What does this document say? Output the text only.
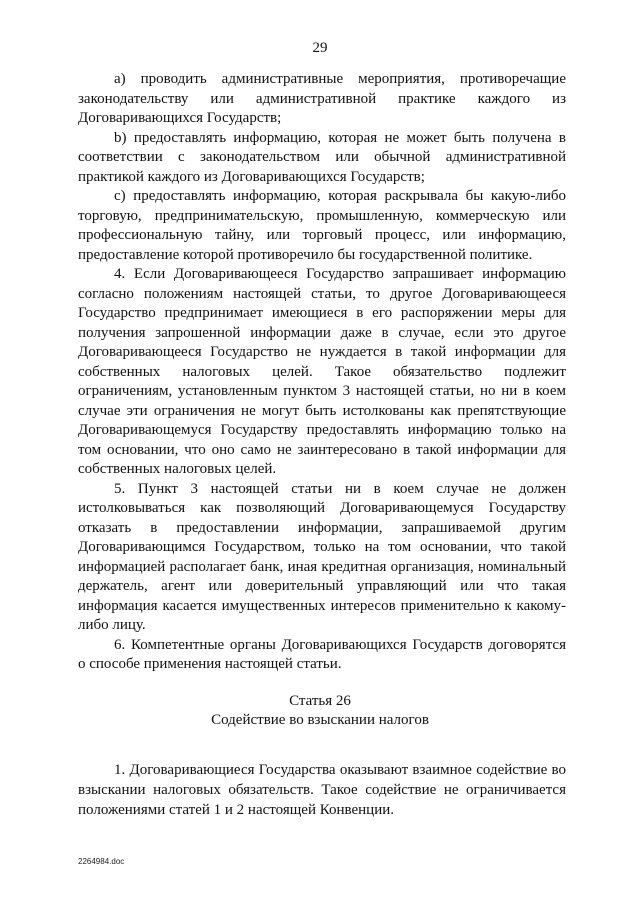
29

a) проводить административные мероприятия, противоречащие законодательству или административной практике каждого из Договаривающихся Государств;

b) предоставлять информацию, которая не может быть получена в соответствии с законодательством или обычной административной практикой каждого из Договаривающихся Государств;

c) предоставлять информацию, которая раскрывала бы какую-либо торговую, предпринимательскую, промышленную, коммерческую или профессиональную тайну, или торговый процесс, или информацию, предоставление которой противоречило бы государственной политике.

4. Если Договаривающееся Государство запрашивает информацию согласно положениям настоящей статьи, то другое Договаривающееся Государство предпринимает имеющиеся в его распоряжении меры для получения запрошенной информации даже в случае, если это другое Договаривающееся Государство не нуждается в такой информации для собственных налоговых целей. Такое обязательство подлежит ограничениям, установленным пунктом 3 настоящей статьи, но ни в коем случае эти ограничения не могут быть истолкованы как препятствующие Договаривающемуся Государству предоставлять информацию только на том основании, что оно само не заинтересовано в такой информации для собственных налоговых целей.

5. Пункт 3 настоящей статьи ни в коем случае не должен истолковываться как позволяющий Договаривающемуся Государству отказать в предоставлении информации, запрашиваемой другим Договаривающимся Государством, только на том основании, что такой информацией располагает банк, иная кредитная организация, номинальный держатель, агент или доверительный управляющий или что такая информация касается имущественных интересов применительно к какому-либо лицу.

6. Компетентные органы Договаривающихся Государств договорятся о способе применения настоящей статьи.

Статья 26
Содействие во взыскании налогов

1. Договаривающиеся Государства оказывают взаимное содействие во взыскании налоговых обязательств. Такое содействие не ограничивается положениями статей 1 и 2 настоящей Конвенции.

2264984.doc
